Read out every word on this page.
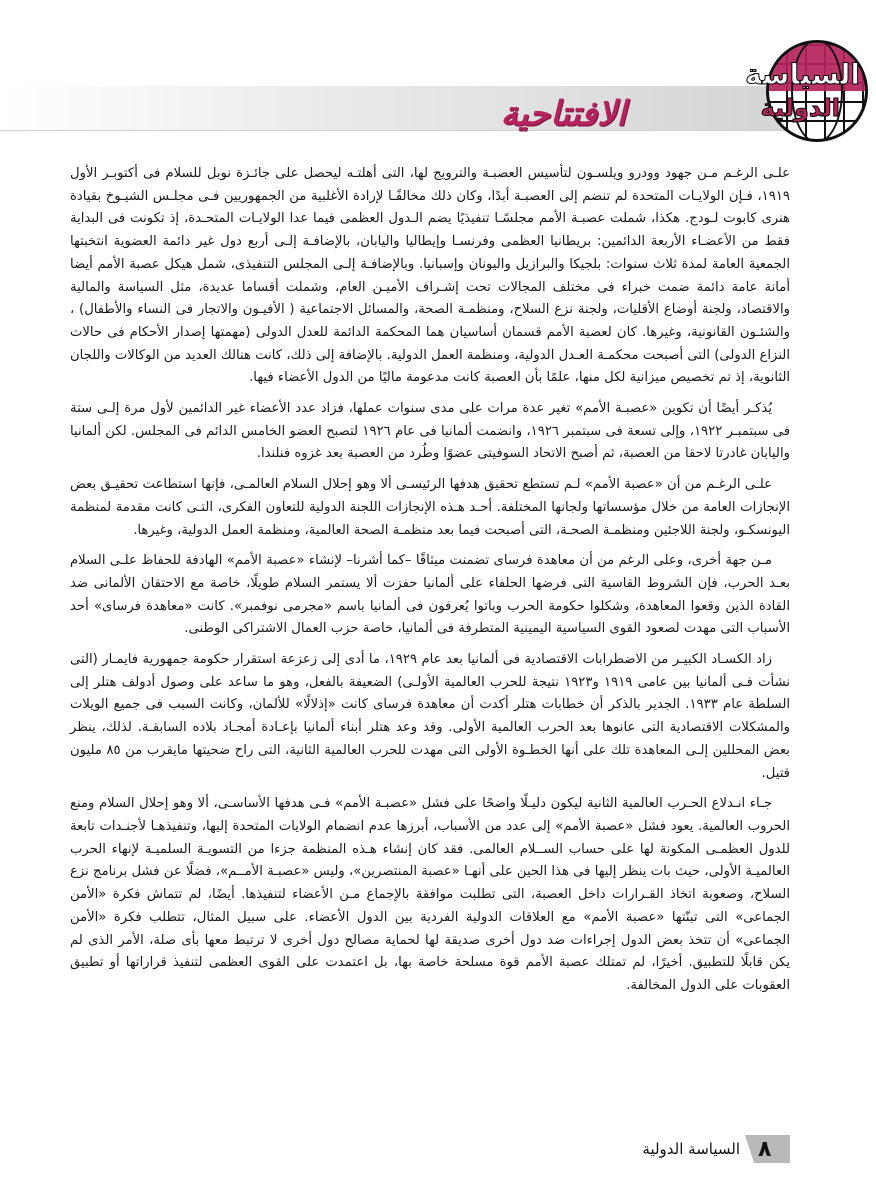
الافتتاحية
السياسة
الدولية

علـى الرغـم مـن جهود وودرو ويلسـون لتأسيس العصبـة والترويج لها، التى أهلتـه ليحصل على جائـزة نوبل للسلام فى أكتوبـر الأول ١٩١٩، فـإن الولايـات المتحدة لم تنضم إلى العصبـة أبدًا، وكان ذلك مخالفًـا لإرادة الأغلبية من الجمهوريين فـى مجلـس الشيـوخ بقيادة هنرى كابوت لـودج. هكذا، شملت عصبـة الأمم مجلسًـا تنفيذيًا يضم الـدول العظمى فيما عدا الولايـات المتحـدة، إذ تكونت فى البداية فقط من الأعضـاء الأربعة الدائمين: بريطانيا العظمى وفرنسـا وإيطاليا واليابان، بالإضافـة إلـى أربع دول غير دائمة العضوية انتخبتها الجمعية العامة لمدة ثلاث سنوات: بلجيكا والبرازيل واليونان وإسبانيا. وبالإضافـة إلـى المجلس التنفيذى، شمل هيكل عصبة الأمم أيضا أمانة عامة دائمة ضمت خبراء فى مختلف المجالات تحت إشـراف الأميـن العام، وشملت أقساما عديدة، مثل السياسة والمالية والاقتصاد، ولجنة أوضاع الأقليات، ولجنة نزع السلاح، ومنظمـة الصحة، والمسائل الاجتماعية ( الأفيـون والاتجار فى النساء والأطفال) ، والشئـون القانونية، وغيرها. كان لعصبة الأمم قسمان أساسيان هما المحكمة الدائمة للعدل الدولى (مهمتها إصدار الأحكام فى حالات النزاع الدولى) التى أصبحت محكمـة العـدل الدولية، ومنظمة العمل الدولية. بالإضافة إلى ذلك، كانت هنالك العديد من الوكالات واللجان الثانوية، إذ تم تخصيص ميزانية لكل منها، علمًا بأن العصبة كانت مدعومة ماليًا من الدول الأعضاء فيها.

يُذكـر أيضًا أن تكوين «عصبـة الأمم» تغير عدة مرات على مدى سنوات عملها، فزاد عدد الأعضاء غير الدائمين لأول مرة إلـى ستة فى سبتمبـر ١٩٢٢، وإلى تسعة فى سبتمبر ١٩٢٦، وانضمت ألمانيا فى عام ١٩٢٦ لتصبح العضو الخامس الدائم فى المجلس. لكن ألمانيا واليابان غادرتا لاحقا من العصبة، ثم أصبح الاتحاد السوفيتى عضوًا وطُرد من العصبة بعد غزوه فنلندا.

علـى الرغـم من أن «عصبة الأمم» لـم تستطع تحقيق هدفها الرئيسـى ألا وهو إحلال السلام العالمـى، فإنها استطاعت تحقيـق بعض الإنجازات العامة من خلال مؤسساتها ولجانها المختلفة. أحـد هـذه الإنجازات اللجنة الدولية للتعاون الفكرى، التـى كانت مقدمة لمنظمة اليونسكـو، ولجنة اللاجئين ومنظمـة الصحـة، التى أصبحت فيما بعد منظمـة الصحة العالمية، ومنظمة العمل الدولية، وغيرها.

مـن جهة أخرى، وعلى الرغم من أن معاهدة فرساى تضمنت ميثاقًا –كما أشرنا– لإنشاء «عصبة الأمم» الهادفة للحفاظ علـى السلام بعـد الحرب، فإن الشروط القاسية التى فرضها الحلفاء على ألمانيا حفزت ألا يستمر السلام طويلًا، خاصة مع الاحتقان الألمانى ضد القادة الذين وقعوا المعاهدة، وشكلوا حكومة الحرب وباتوا يُعرفون فى ألمانيا باسم «مجرمى نوفمبر». كانت «معاهدة فرساى» أحد الأسباب التى مهدت لصعود القوى السياسية اليمينية المتطرفة فى ألمانيا، خاصة حزب العمال الاشتراكى الوطنى.

زاد الكسـاد الكبيـر من الاضطرابات الاقتصادية فى ألمانيا بعد عام ١٩٢٩، ما أدى إلى زعزعة استقرار حكومة جمهورية فايمـار (التى نشأت فـى ألمانيا بين عامى ١٩١٩ و١٩٢٣ نتيجة للحرب العالمية الأولـى) الضعيفة بالفعل، وهو ما ساعد على وصول أدولف هتلر إلى السلطة عام ١٩٣٣. الجدير بالذكر أن خطابات هتلر أكدت أن معاهدة فرساى كانت «إذلالًا» للألمان، وكانت السبب فى جميع الويلات والمشكلات الاقتصادية التى عانوها بعد الحرب العالمية الأولى. وقد وعد هتلر أبناء ألمانيا بإعـادة أمجـاد بلاده السابقـة. لذلك، ينظر بعض المحللين إلـى المعاهدة تلك على أنها الخطـوة الأولى التى مهدت للحرب العالمية الثانية، التى راح ضحيتها مايقرب من ٨٥ مليون قتيل.

جـاء انـدلاع الحـرب العالمية الثانية ليكون دليـلًا واضحًا على فشل «عصبـة الأمم» فـى هدفها الأساسـى، ألا وهو إحلال السلام ومنع الحروب العالمية. يعود فشل «عصبة الأمم» إلى عدد من الأسباب، أبرزها عدم انضمام الولايات المتحدة إليها، وتنفيذهـا لأجنـدات تابعة للدول العظمـى المكونة لها على حساب الســلام العالمى. فقد كان إنشاء هـذه المنظمة جزءا من التسويـة السلميـة لإنهاء الحرب العالميـة الأولى، حيث بات ينظر إليها فى هذا الحين على أنهـا «عصبة المنتصرين»، وليس «عصبـة الأمــم»، فضلًا عن فشل برنامج نزع السلاح، وصعوبة اتخاذ القـرارات داخل العصبة، التى تطلبت موافقة بالإجماع مـن الأعضاء لتنفيذها. أيضًا، لم تتماش فكرة «الأمن الجماعى» التى تبنّتها «عصبة الأمم» مع العلاقات الدولية الفردية بين الدول الأعضاء. على سبيل المثال، تتطلب فكرة «الأمن الجماعى» أن تتخذ بعض الدول إجراءات ضد دول أخرى صديقة لها لحماية مصالح دول أخرى لا ترتبط معها بأى صلة، الأمر الذى لم يكن قابلًا للتطبيق. أخيرًا، لم تمتلك عصبة الأمم قوة مسلحة خاصة بها، بل اعتمدت على القوى العظمى لتنفيذ قراراتها أو تطبيق العقوبات على الدول المخالفة.

٨
السياسة الدولية
